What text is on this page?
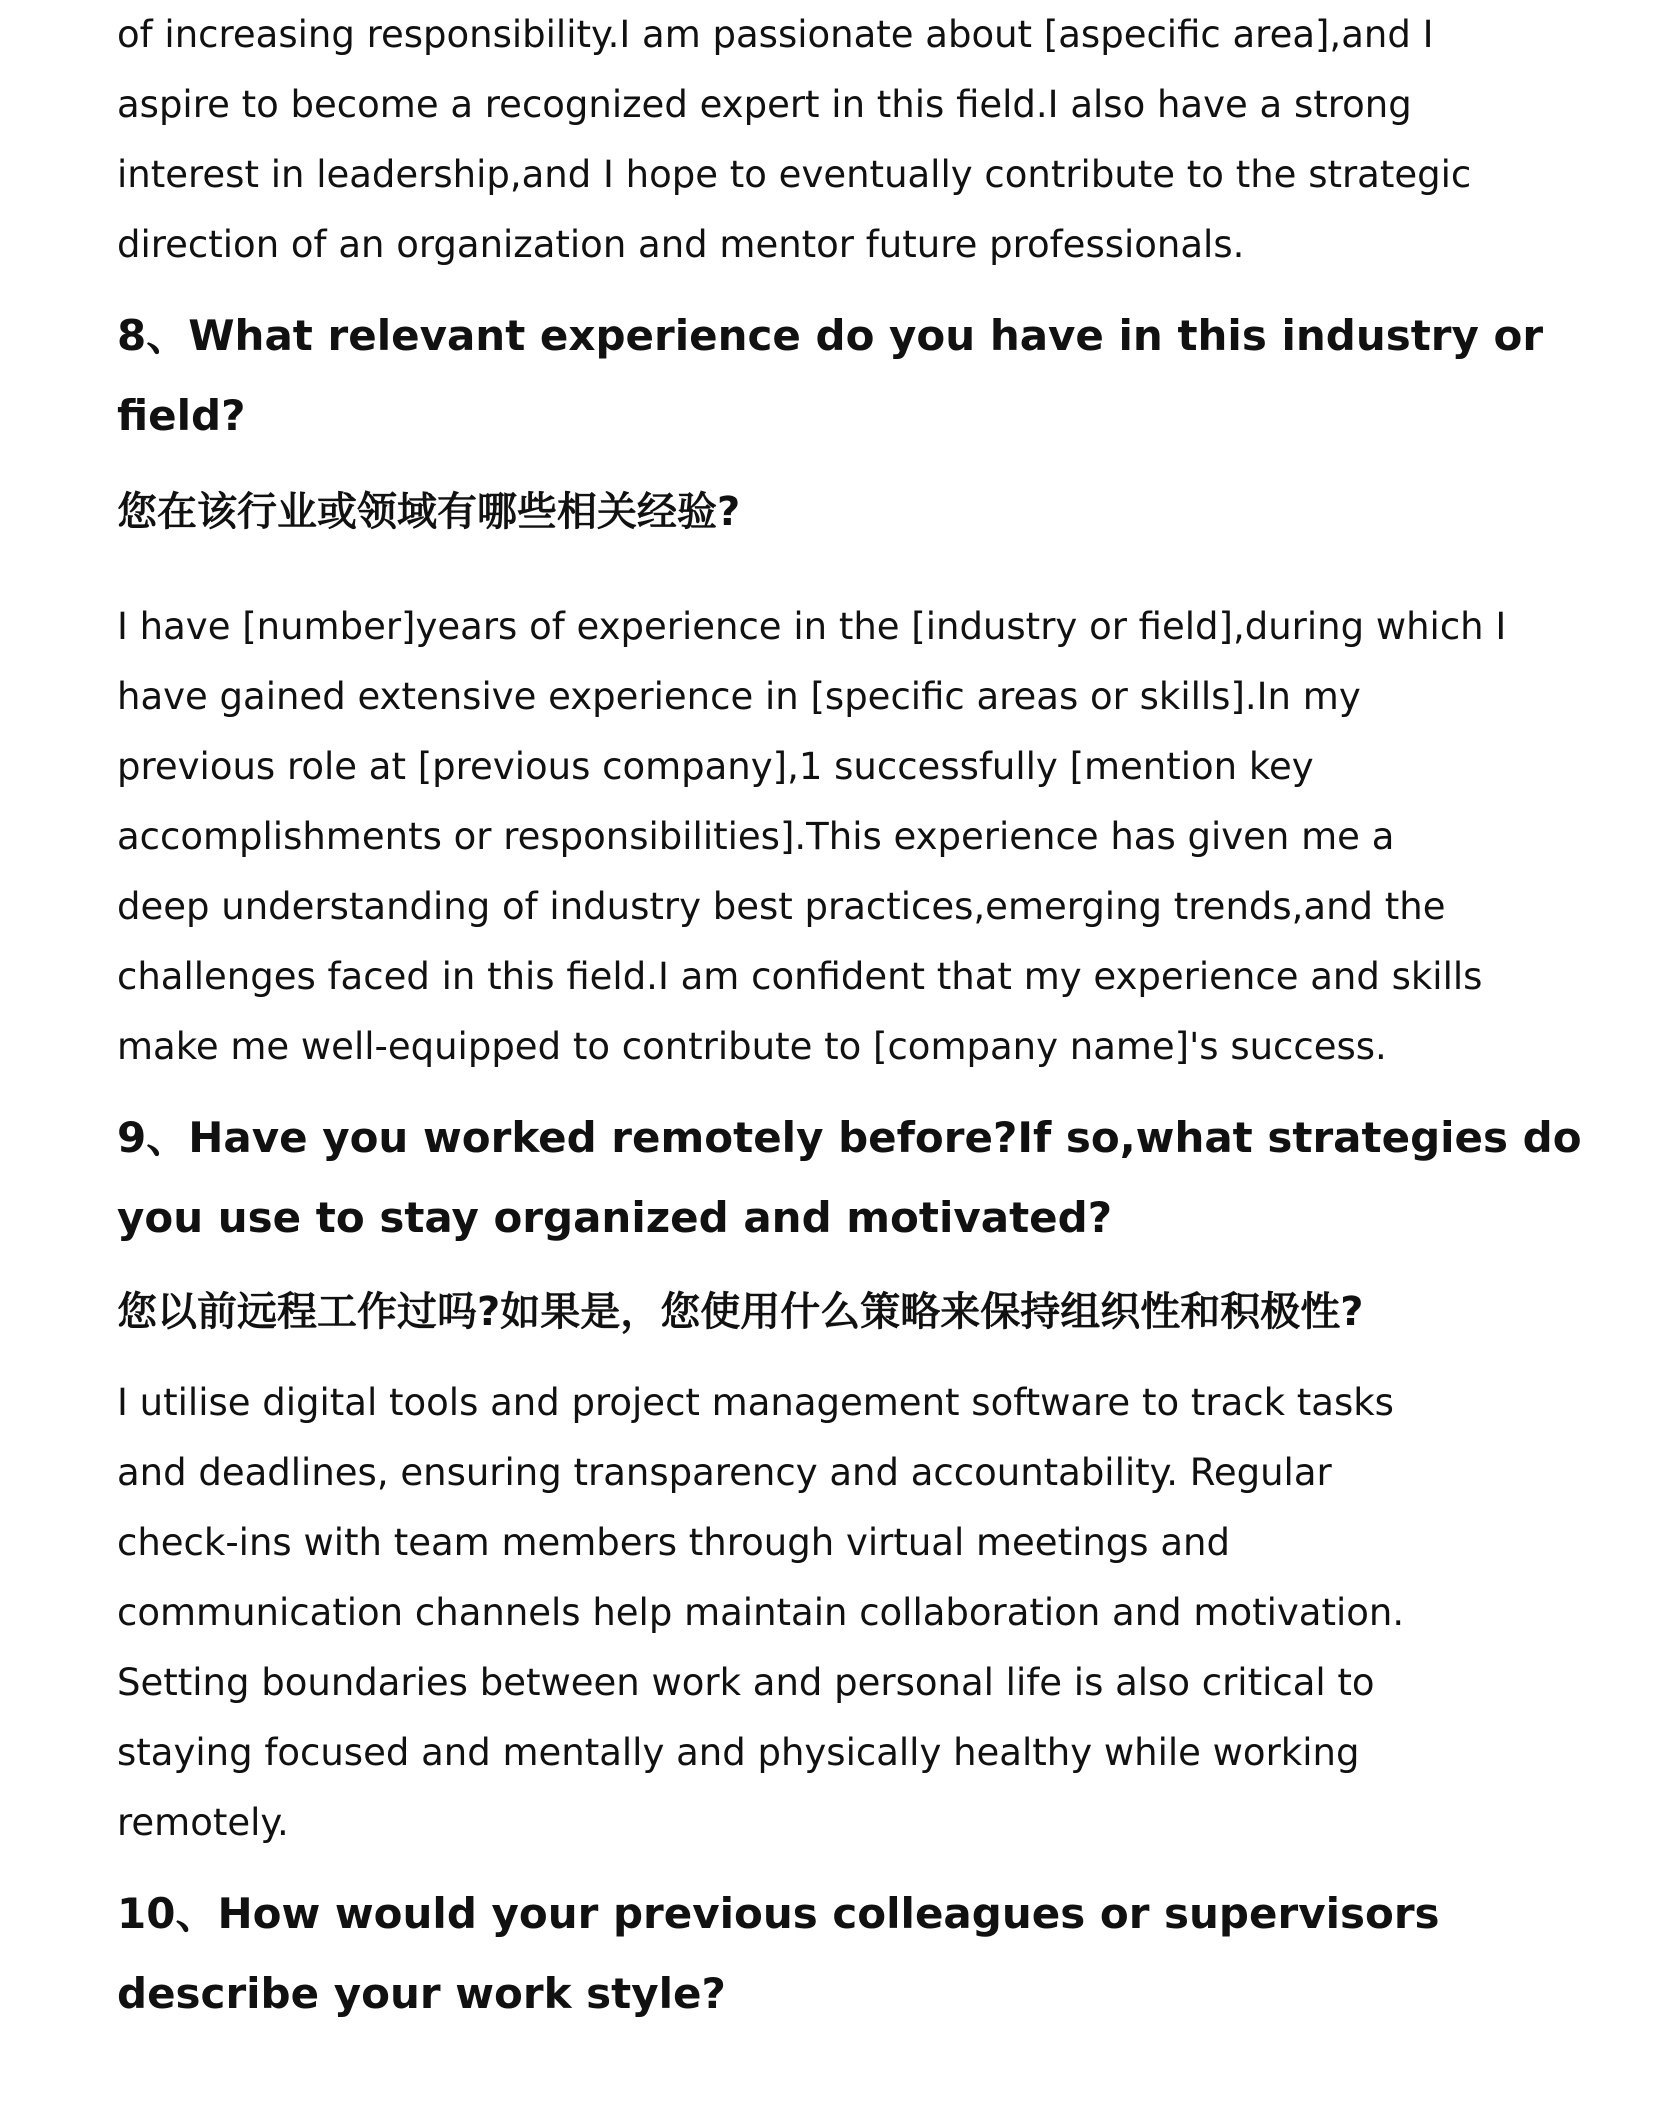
of increasing responsibility.I am passionate about [aspecific area],and I
aspire to become a recognized expert in this field.I also have a strong
interest in leadership,and I hope to eventually contribute to the strategic
direction of an organization and mentor future professionals.
8、What relevant experience do you have in this industry or
field?
您在该行业或领域有哪些相关经验?
I have [number]years of experience in the [industry or field],during which I
have gained extensive experience in [specific areas or skills].In my
previous role at [previous company],1 successfully [mention key
accomplishments or responsibilities].This experience has given me a
deep understanding of industry best practices,emerging trends,and the
challenges faced in this field.I am confident that my experience and skills
make me well-equipped to contribute to [company name]'s success.
9、Have you worked remotely before?If so,what strategies do
you use to stay organized and motivated?
您以前远程工作过吗?如果是，您使用什么策略来保持组织性和积极性?
I utilise digital tools and project management software to track tasks
and deadlines, ensuring transparency and accountability. Regular
check-ins with team members through virtual meetings and
communication channels help maintain collaboration and motivation.
Setting boundaries between work and personal life is also critical to
staying focused and mentally and physically healthy while working
remotely.
10、How would your previous colleagues or supervisors
describe your work style?
